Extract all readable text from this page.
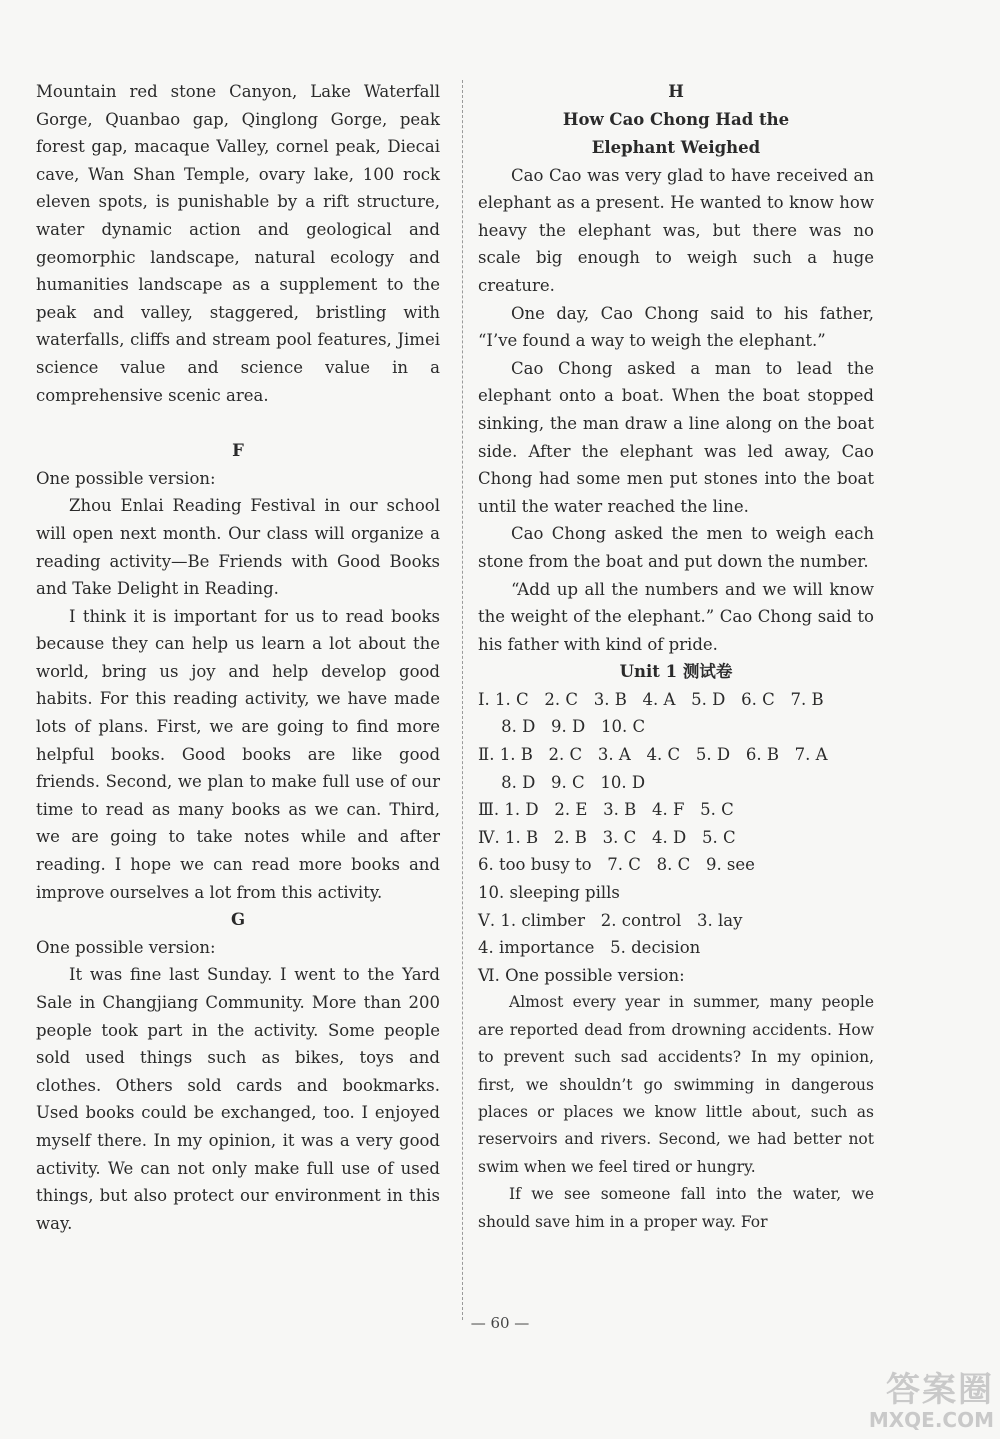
Mountain red stone Canyon, Lake Waterfall Gorge, Quanbao gap, Qinglong Gorge, peak forest gap, macaque Valley, cornel peak, Diecai cave, Wan Shan Temple, ovary lake, 100 rock eleven spots, is punishable by a rift structure, water dynamic action and geological and geomorphic landscape, natural ecology and humanities landscape as a supplement to the peak and valley, staggered, bristling with waterfalls, cliffs and stream pool features, Jimei science value and science value in a comprehensive scenic area.

F

One possible version:

Zhou Enlai Reading Festival in our school will open next month. Our class will organize a reading activity—Be Friends with Good Books and Take Delight in Reading.

I think it is important for us to read books because they can help us learn a lot about the world, bring us joy and help develop good habits. For this reading activity, we have made lots of plans. First, we are going to find more helpful books. Good books are like good friends. Second, we plan to make full use of our time to read as many books as we can. Third, we are going to take notes while and after reading. I hope we can read more books and improve ourselves a lot from this activity.

G

One possible version:

It was fine last Sunday. I went to the Yard Sale in Changjiang Community. More than 200 people took part in the activity. Some people sold used things such as bikes, toys and clothes. Others sold cards and bookmarks. Used books could be exchanged, too. I enjoyed myself there. In my opinion, it was a very good activity. We can not only make full use of used things, but also protect our environment in this way.

H

How Cao Chong Had the

Elephant Weighed

Cao Cao was very glad to have received an elephant as a present. He wanted to know how heavy the elephant was, but there was no scale big enough to weigh such a huge creature.

One day, Cao Chong said to his father, “I’ve found a way to weigh the elephant.”

Cao Chong asked a man to lead the elephant onto a boat. When the boat stopped sinking, the man draw a line along on the boat side. After the elephant was led away, Cao Chong had some men put stones into the boat until the water reached the line.

Cao Chong asked the men to weigh each stone from the boat and put down the number.

“Add up all the numbers and we will know the weight of the elephant.” Cao Chong said to his father with kind of pride.

Unit 1 测试卷

Ⅰ. 1. C   2. C   3. B   4. A   5. D   6. C   7. B

8. D   9. D   10. C

Ⅱ. 1. B   2. C   3. A   4. C   5. D   6. B   7. A

8. D   9. C   10. D

Ⅲ. 1. D   2. E   3. B   4. F   5. C

Ⅳ. 1. B   2. B   3. C   4. D   5. C

6. too busy to   7. C   8. C   9. see

10. sleeping pills

Ⅴ. 1. climber   2. control   3. lay

4. importance   5. decision

Ⅵ. One possible version:

Almost every year in summer, many people are reported dead from drowning accidents. How to prevent such sad accidents? In my opinion, first, we shouldn’t go swimming in dangerous places or places we know little about, such as reservoirs and rivers. Second, we had better not swim when we feel tired or hungry.

If we see someone fall into the water, we should save him in a proper way. For

— 60 —
答案圈
MXQE.COM
